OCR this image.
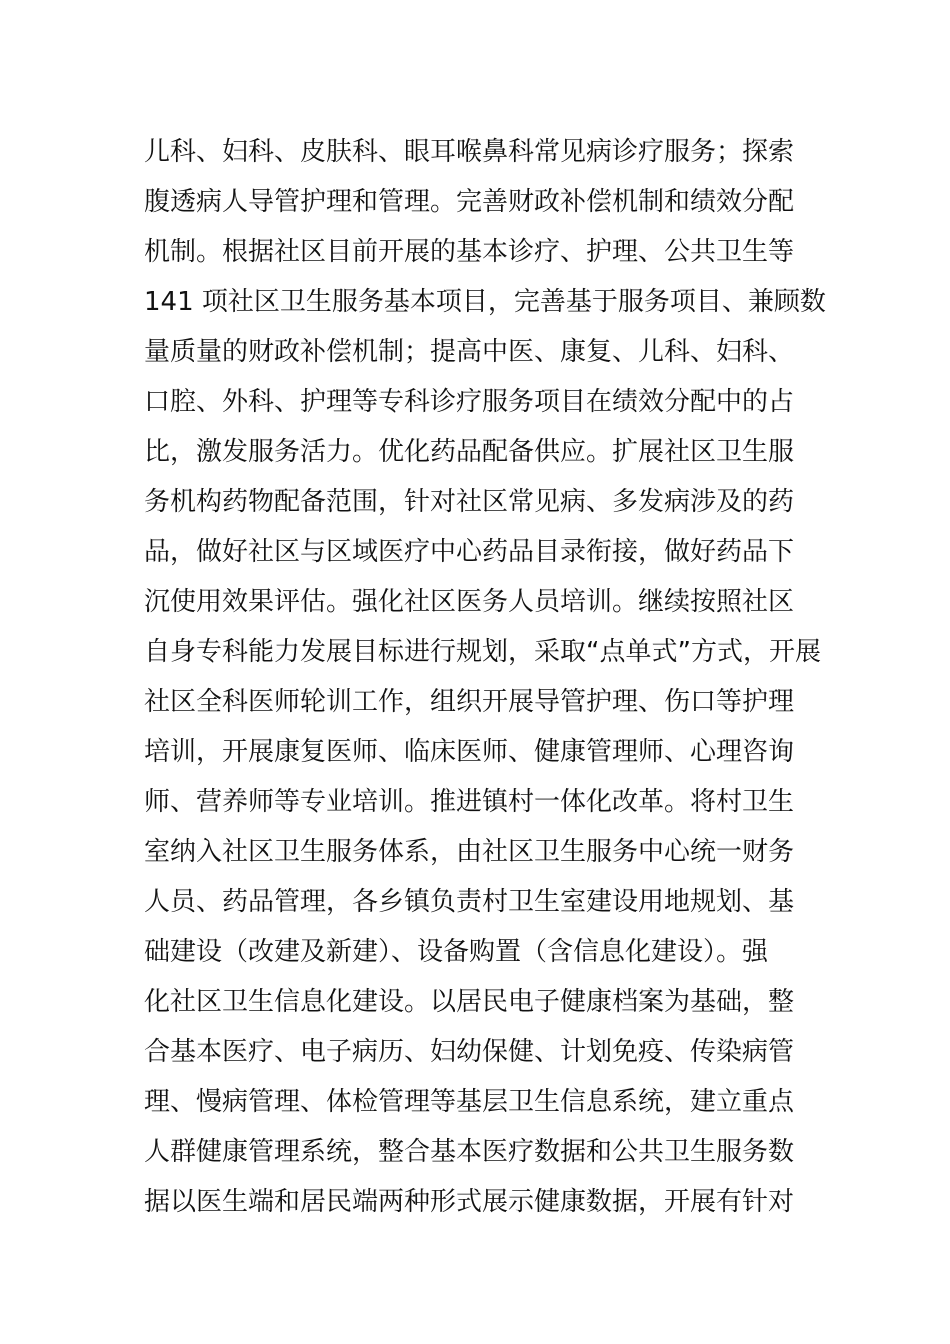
儿科、妇科、皮肤科、眼耳喉鼻科常见病诊疗服务；探索
腹透病人导管护理和管理。完善财政补偿机制和绩效分配
机制。根据社区目前开展的基本诊疗、护理、公共卫生等
141 项社区卫生服务基本项目，完善基于服务项目、兼顾数
量质量的财政补偿机制；提高中医、康复、儿科、妇科、
口腔、外科、护理等专科诊疗服务项目在绩效分配中的占
比，激发服务活力。优化药品配备供应。扩展社区卫生服
务机构药物配备范围，针对社区常见病、多发病涉及的药
品，做好社区与区域医疗中心药品目录衔接，做好药品下
沉使用效果评估。强化社区医务人员培训。继续按照社区
自身专科能力发展目标进行规划，采取“点单式”方式，开展
社区全科医师轮训工作，组织开展导管护理、伤口等护理
培训，开展康复医师、临床医师、健康管理师、心理咨询
师、营养师等专业培训。推进镇村一体化改革。将村卫生
室纳入社区卫生服务体系，由社区卫生服务中心统一财务
人员、药品管理，各乡镇负责村卫生室建设用地规划、基
础建设（改建及新建）、设备购置（含信息化建设）。强
化社区卫生信息化建设。以居民电子健康档案为基础，整
合基本医疗、电子病历、妇幼保健、计划免疫、传染病管
理、慢病管理、体检管理等基层卫生信息系统，建立重点
人群健康管理系统，整合基本医疗数据和公共卫生服务数
据以医生端和居民端两种形式展示健康数据，开展有针对
